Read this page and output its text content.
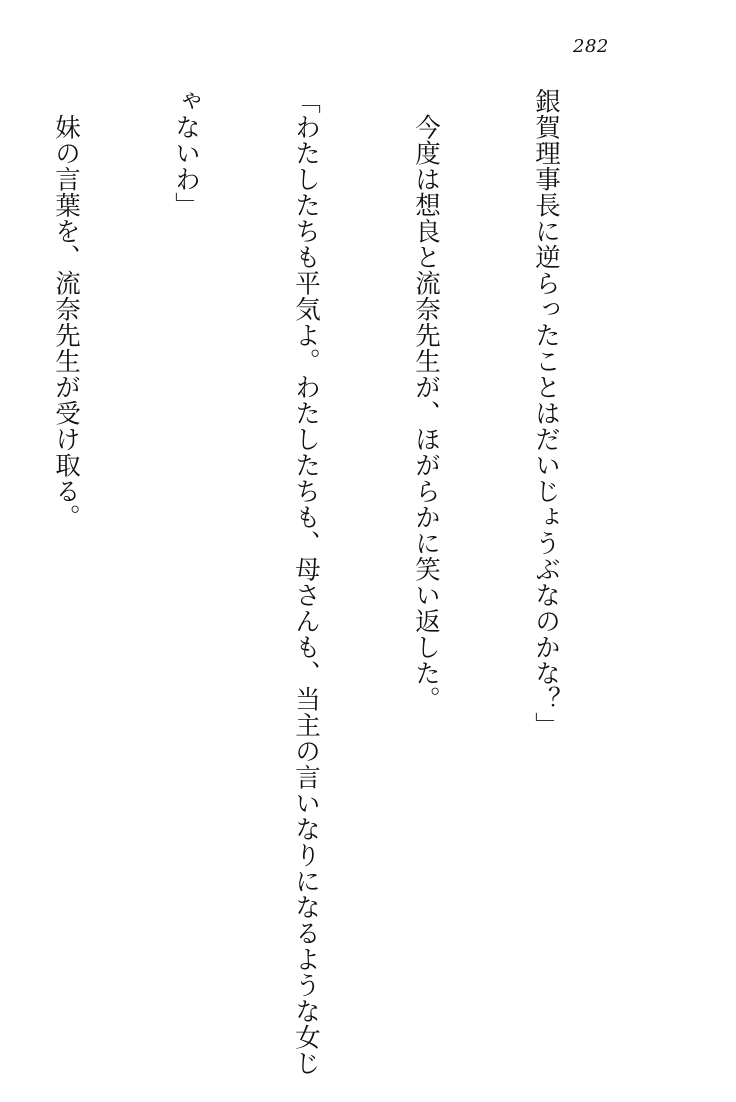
282

銀賀理事長に逆らったことはだいじょうぶなのかな？」

　今度は想良と流奈先生が、ほがらかに笑い返した。

「わたしたちも平気よ。わたしたちも、母さんも、当主の言いなりになるような女じ

ゃないわ」

　妹の言葉を、流奈先生が受け取る。
